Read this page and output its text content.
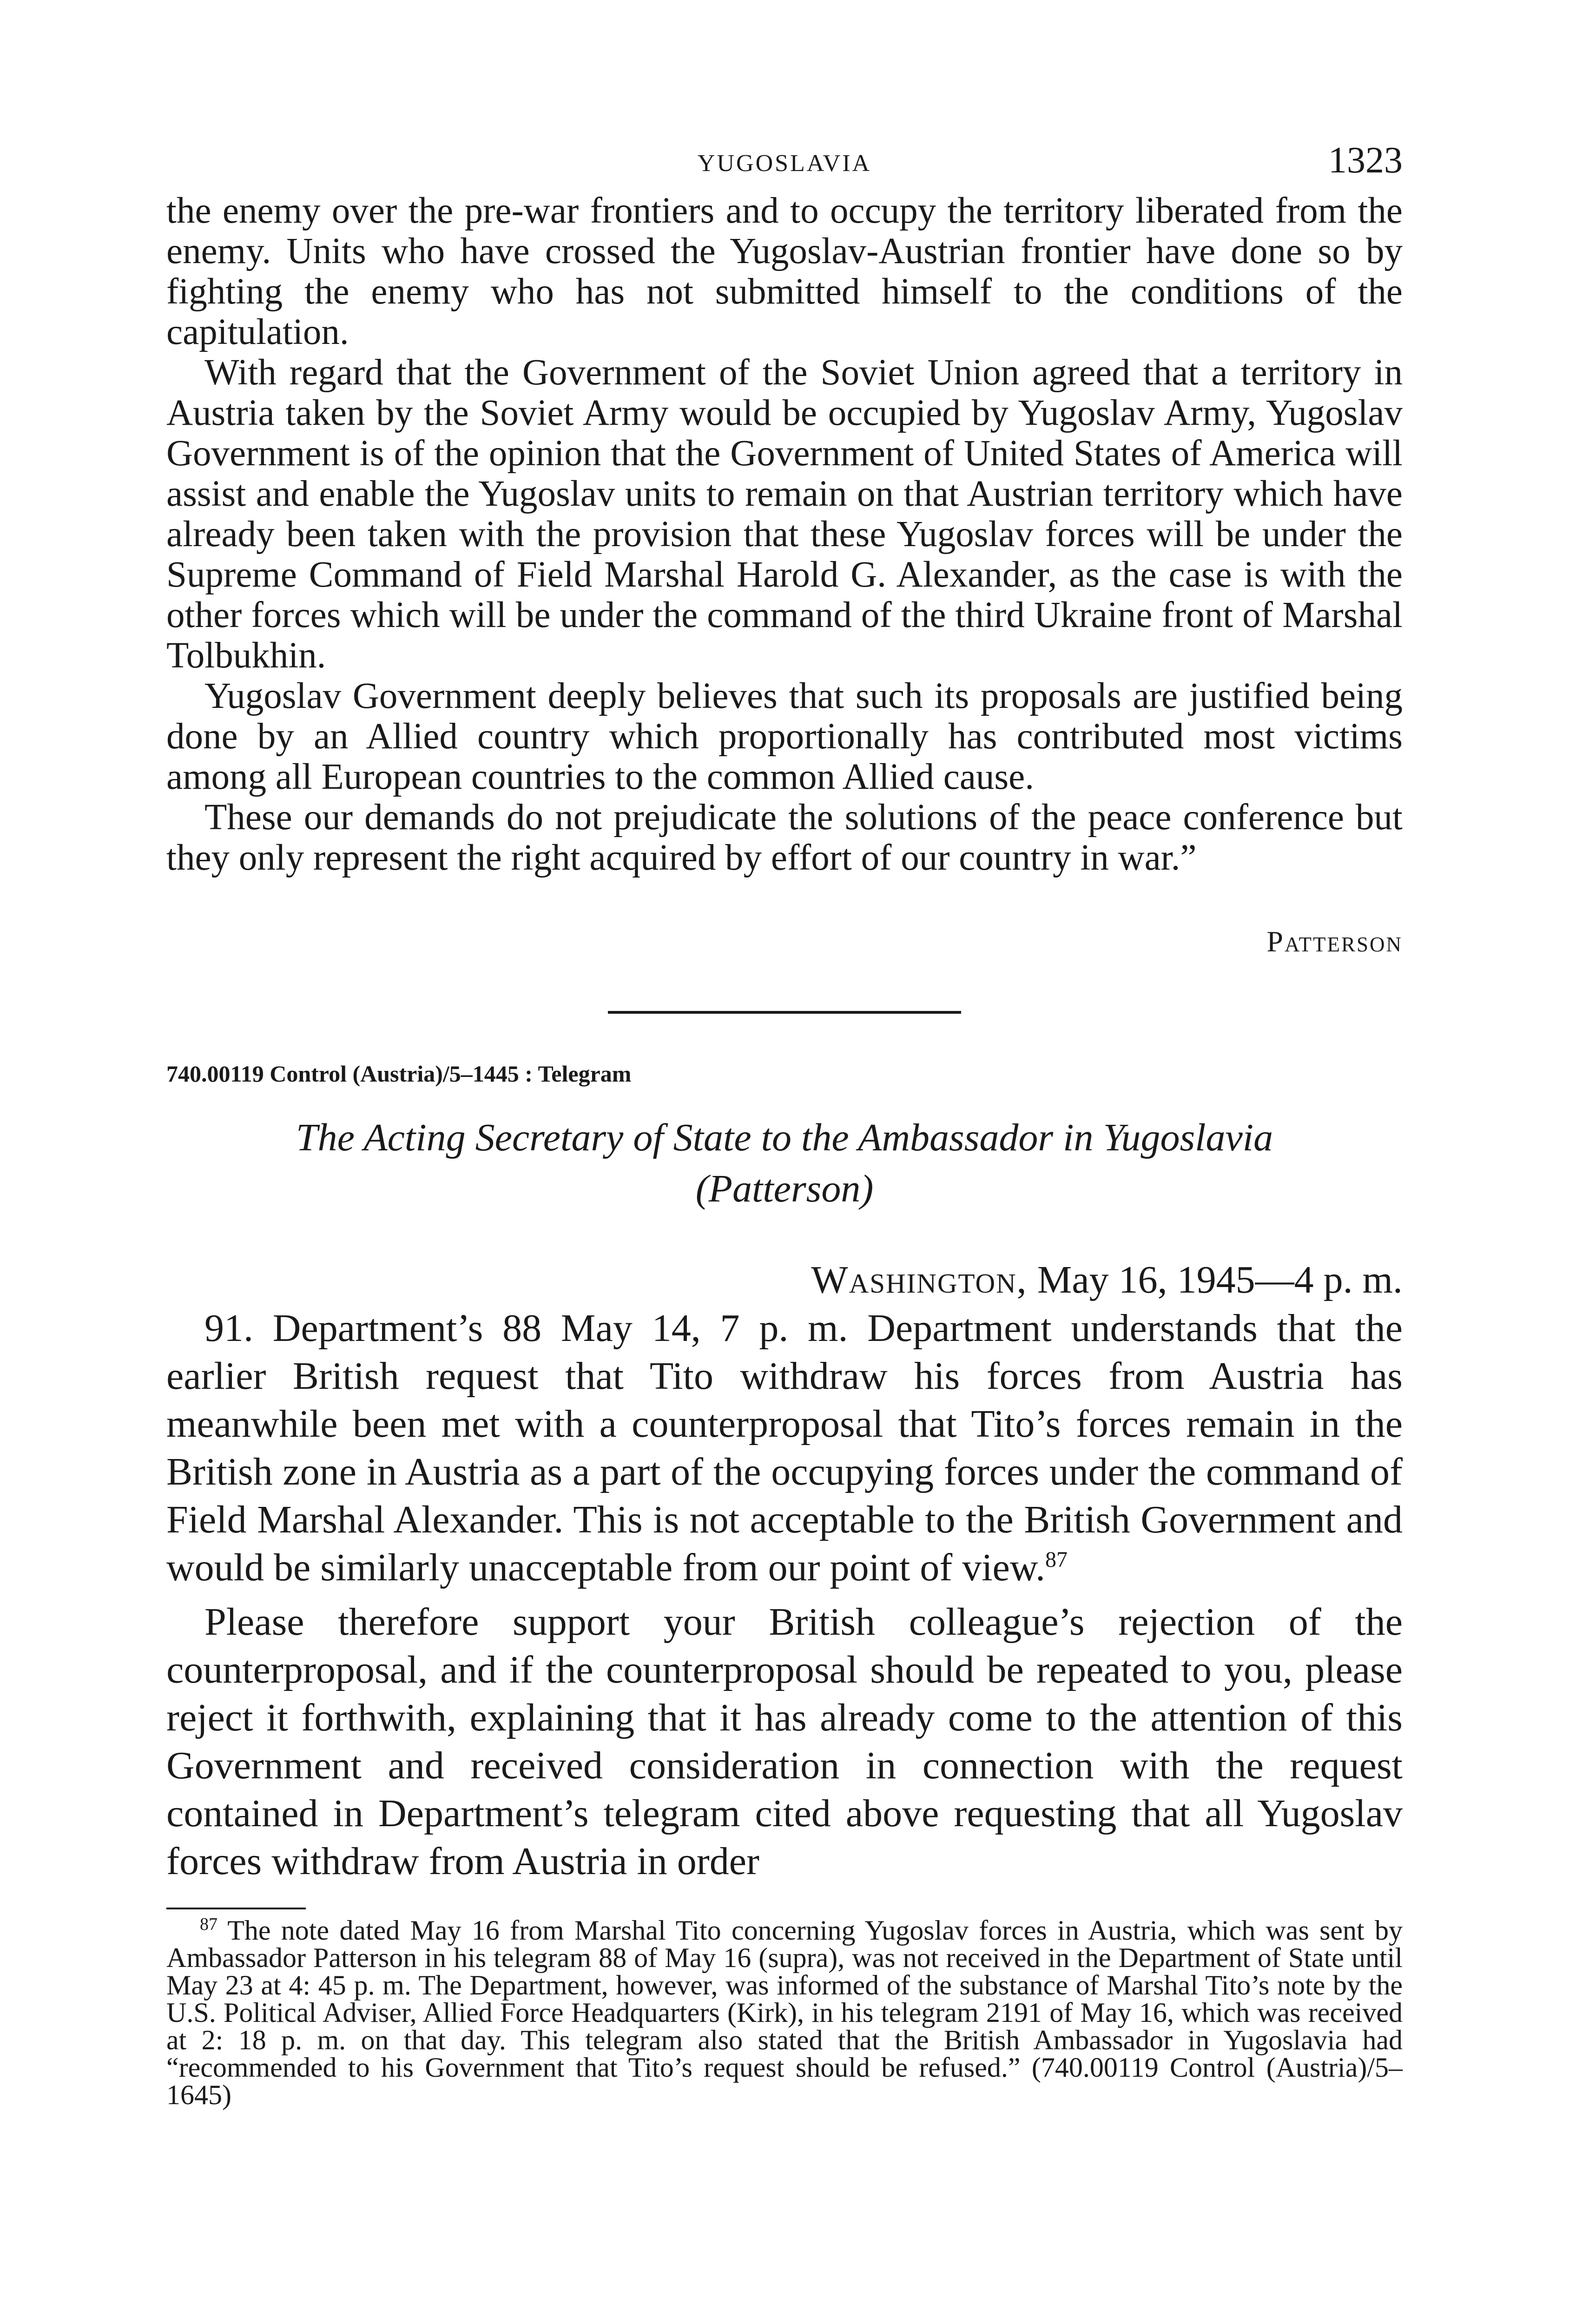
YUGOSLAVIA	1323

the enemy over the pre-war frontiers and to occupy the territory liberated from the enemy. Units who have crossed the Yugoslav-Austrian frontier have done so by fighting the enemy who has not submitted himself to the conditions of the capitulation.

With regard that the Government of the Soviet Union agreed that a territory in Austria taken by the Soviet Army would be occupied by Yugoslav Army, Yugoslav Government is of the opinion that the Government of United States of America will assist and enable the Yugoslav units to remain on that Austrian territory which have already been taken with the provision that these Yugoslav forces will be under the Supreme Command of Field Marshal Harold G. Alexander, as the case is with the other forces which will be under the command of the third Ukraine front of Marshal Tolbukhin.

Yugoslav Government deeply believes that such its proposals are justified being done by an Allied country which proportionally has contributed most victims among all European countries to the common Allied cause.

These our demands do not prejudicate the solutions of the peace conference but they only represent the right acquired by effort of our country in war.”

Patterson
740.00119 Control (Austria)/5–1445 : Telegram
The Acting Secretary of State to the Ambassador in Yugoslavia
(Patterson)
Washington, May 16, 1945—4 p. m.

91. Department’s 88 May 14, 7 p. m. Department understands that the earlier British request that Tito withdraw his forces from Austria has meanwhile been met with a counterproposal that Tito’s forces remain in the British zone in Austria as a part of the occupying forces under the command of Field Marshal Alexander. This is not acceptable to the British Government and would be similarly unacceptable from our point of view.$^{87}$

Please therefore support your British colleague’s rejection of the counterproposal, and if the counterproposal should be repeated to you, please reject it forthwith, explaining that it has already come to the attention of this Government and received consideration in connection with the request contained in Department’s telegram cited above requesting that all Yugoslav forces withdraw from Austria in order

$^{87}$ The note dated May 16 from Marshal Tito concerning Yugoslav forces in Austria, which was sent by Ambassador Patterson in his telegram 88 of May 16 (supra), was not received in the Department of State until May 23 at 4: 45 p. m. The Department, however, was informed of the substance of Marshal Tito’s note by the U.S. Political Adviser, Allied Force Headquarters (Kirk), in his telegram 2191 of May 16, which was received at 2: 18 p. m. on that day. This telegram also stated that the British Ambassador in Yugoslavia had “recommended to his Government that Tito’s request should be refused.” (740.00119 Control (Austria)/5–1645)
